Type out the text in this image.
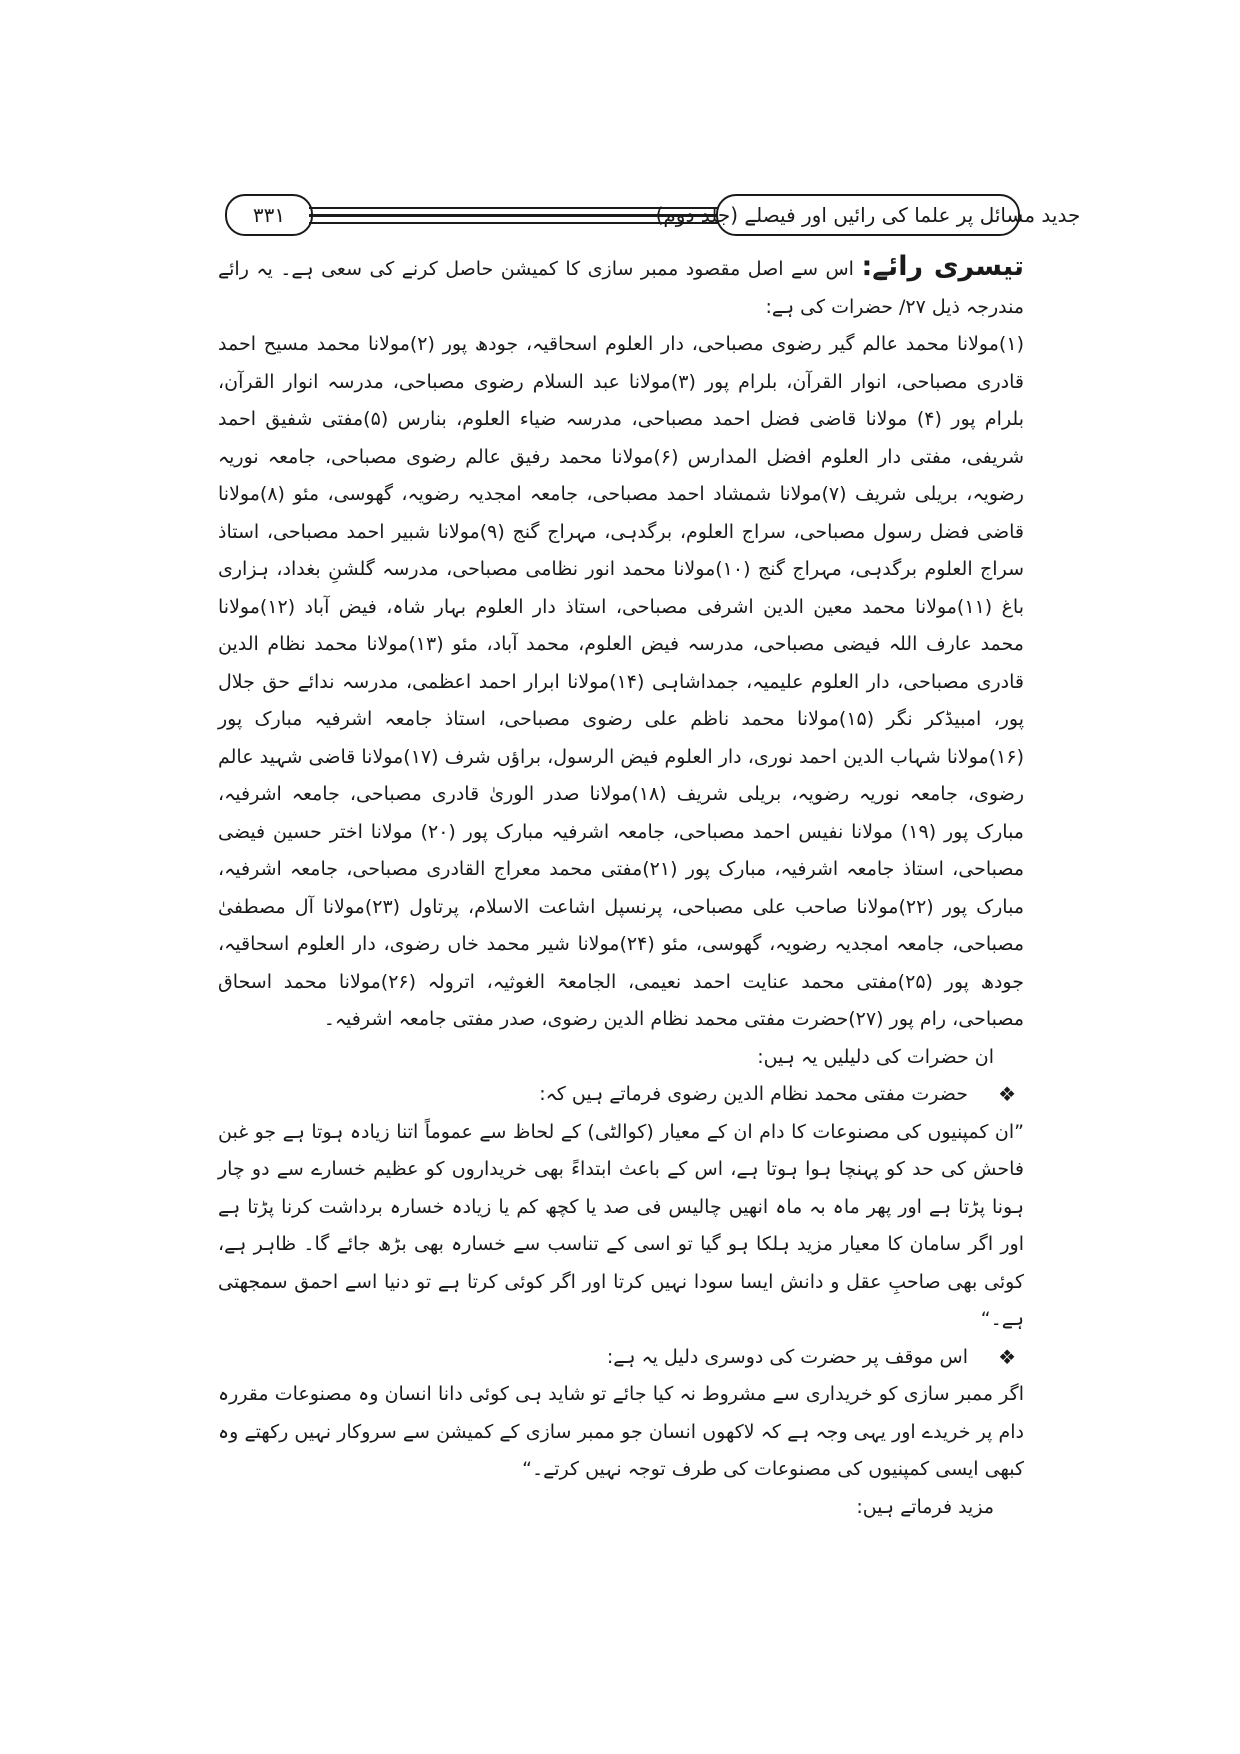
۳۳۱	جدید مسائل پر علما کی رائیں اور فیصلے (جلد دوم)

تیسری رائے: اس سے اصل مقصود ممبر سازی کا کمیشن حاصل کرنے کی سعی ہے۔ یہ رائے مندرجہ ذیل ۲۷/ حضرات کی ہے:

(۱)مولانا محمد عالم گیر رضوی مصباحی، دار العلوم اسحاقیہ، جودھ پور (۲)مولانا محمد مسیح احمد قادری مصباحی، انوار القرآن، بلرام پور (۳)مولانا عبد السلام رضوی مصباحی، مدرسہ انوار القرآن، بلرام پور (۴) مولانا قاضی فضل احمد مصباحی، مدرسہ ضیاء العلوم، بنارس (۵)مفتی شفیق احمد شریفی، مفتی دار العلوم افضل المدارس (۶)مولانا محمد رفیق عالم رضوی مصباحی، جامعہ نوریہ رضویہ، بریلی شریف (۷)مولانا شمشاد احمد مصباحی، جامعہ امجدیہ رضویہ، گھوسی، مئو (۸)مولانا قاضی فضل رسول مصباحی، سراج العلوم، برگدہی، مہراج گنج (۹)مولانا شبیر احمد مصباحی، استاذ سراج العلوم برگدہی، مہراج گنج (۱۰)مولانا محمد انور نظامی مصباحی، مدرسہ گلشنِ بغداد، ہزاری باغ (۱۱)مولانا محمد معین الدین اشرفی مصباحی، استاذ دار العلوم بہار شاہ، فیض آباد (۱۲)مولانا محمد عارف اللہ فیضی مصباحی، مدرسہ فیض العلوم، محمد آباد، مئو (۱۳)مولانا محمد نظام الدین قادری مصباحی، دار العلوم علیمیہ، جمداشاہی (۱۴)مولانا ابرار احمد اعظمی، مدرسہ ندائے حق جلال پور، امبیڈکر نگر (۱۵)مولانا محمد ناظم علی رضوی مصباحی، استاذ جامعہ اشرفیہ مبارک پور (۱۶)مولانا شہاب الدین احمد نوری، دار العلوم فیض الرسول، براؤں شرف (۱۷)مولانا قاضی شہید عالم رضوی، جامعہ نوریہ رضویہ، بریلی شریف (۱۸)مولانا صدر الوریٰ قادری مصباحی، جامعہ اشرفیہ، مبارک پور (۱۹) مولانا نفیس احمد مصباحی، جامعہ اشرفیہ مبارک پور (۲۰) مولانا اختر حسین فیضی مصباحی، استاذ جامعہ اشرفیہ، مبارک پور (۲۱)مفتی محمد معراج القادری مصباحی، جامعہ اشرفیہ، مبارک پور (۲۲)مولانا صاحب علی مصباحی، پرنسپل اشاعت الاسلام، پرتاول (۲۳)مولانا آل مصطفیٰ مصباحی، جامعہ امجدیہ رضویہ، گھوسی، مئو (۲۴)مولانا شیر محمد خاں رضوی، دار العلوم اسحاقیہ، جودھ پور (۲۵)مفتی محمد عنایت احمد نعیمی، الجامعۃ الغوثیہ، اترولہ (۲۶)مولانا محمد اسحاق مصباحی، رام پور (۲۷)حضرت مفتی محمد نظام الدین رضوی، صدر مفتی جامعہ اشرفیہ۔

ان حضرات کی دلیلیں یہ ہیں:

❖
حضرت مفتی محمد نظام الدین رضوی فرماتے ہیں کہ:

”ان کمپنیوں کی مصنوعات کا دام ان کے معیار (کوالٹی) کے لحاظ سے عموماً اتنا زیادہ ہوتا ہے جو غبن فاحش کی حد کو پہنچا ہوا ہوتا ہے، اس کے باعث ابتداءً بھی خریداروں کو عظیم خسارے سے دو چار ہونا پڑتا ہے اور پھر ماہ بہ ماہ انھیں چالیس فی صد یا کچھ کم یا زیادہ خسارہ برداشت کرنا پڑتا ہے اور اگر سامان کا معیار مزید ہلکا ہو گیا تو اسی کے تناسب سے خسارہ بھی بڑھ جائے گا۔ ظاہر ہے، کوئی بھی صاحبِ عقل و دانش ایسا سودا نہیں کرتا اور اگر کوئی کرتا ہے تو دنیا اسے احمق سمجھتی ہے۔“

❖
اس موقف پر حضرت کی دوسری دلیل یہ ہے:

اگر ممبر سازی کو خریداری سے مشروط نہ کیا جائے تو شاید ہی کوئی دانا انسان وہ مصنوعات مقررہ دام پر خریدے اور یہی وجہ ہے کہ لاکھوں انسان جو ممبر سازی کے کمیشن سے سروکار نہیں رکھتے وہ کبھی ایسی کمپنیوں کی مصنوعات کی طرف توجہ نہیں کرتے۔“

مزید فرماتے ہیں:
